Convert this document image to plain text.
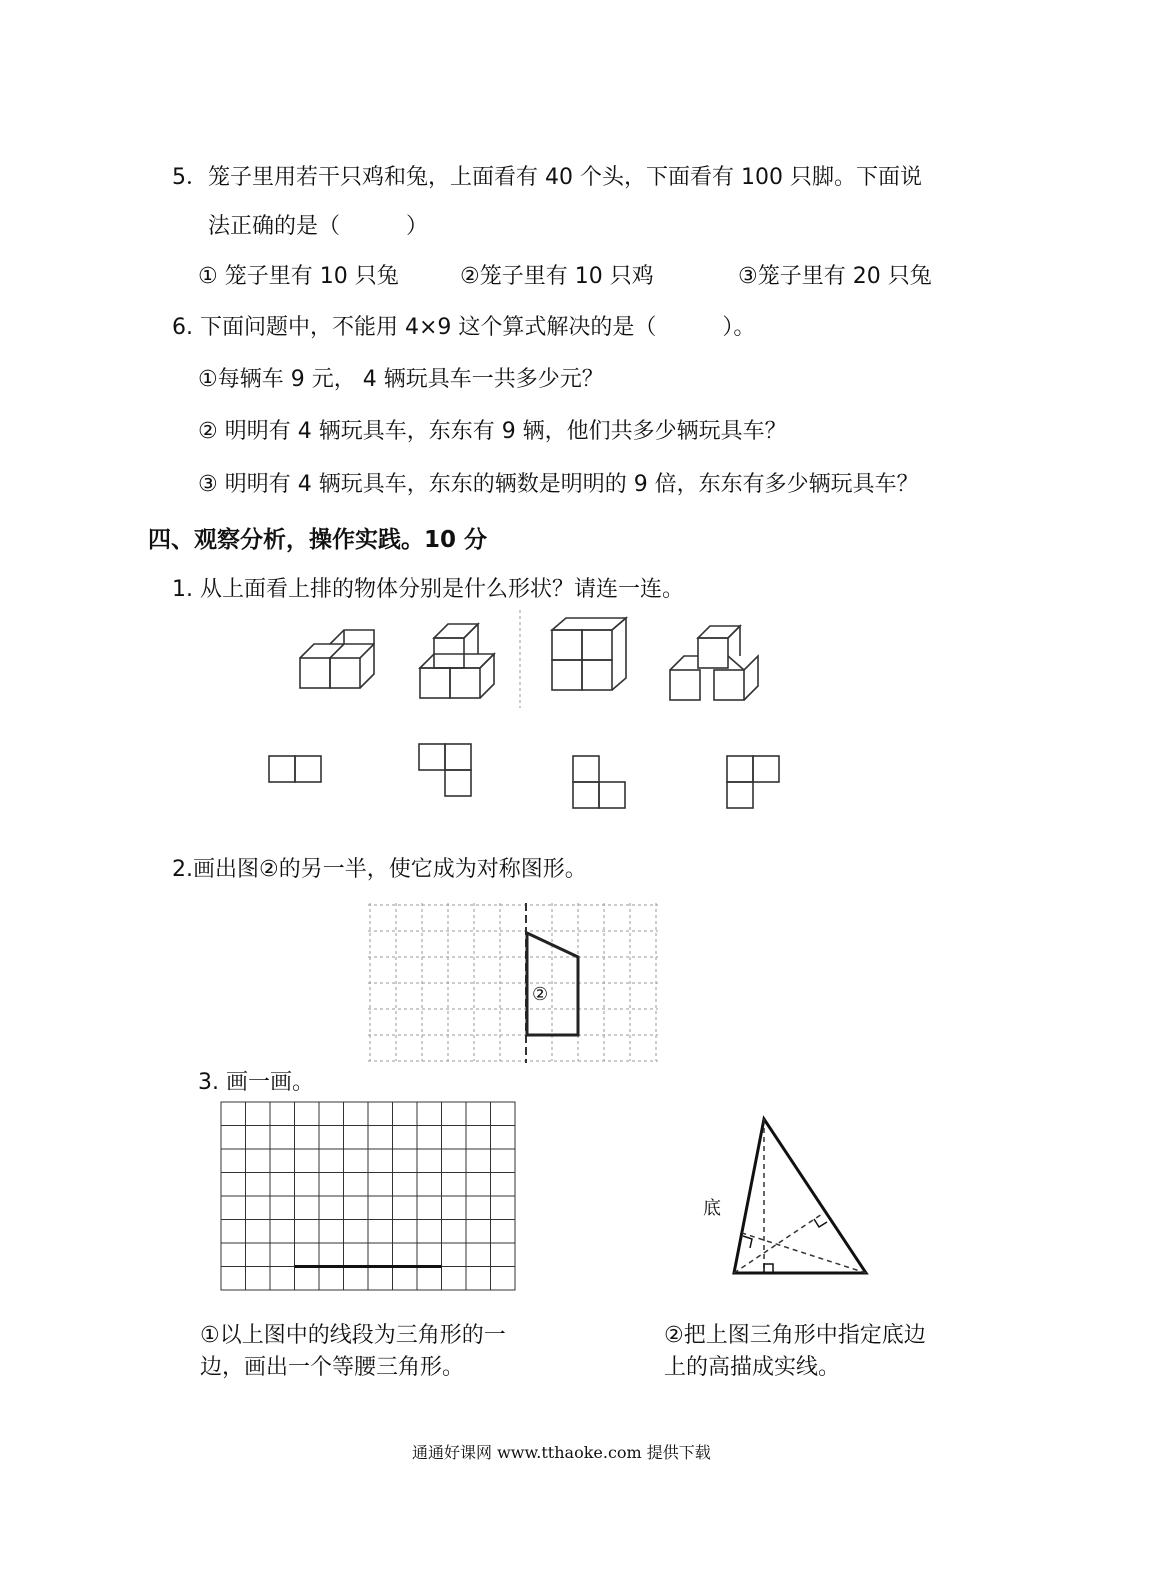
5．笼子里用若干只鸡和兔，上面看有 40 个头，下面看有 100 只脚。下面说
法正确的是（　　　）
① 笼子里有 10 只兔	②笼子里有 10 只鸡	③笼子里有 20 只兔
6. 下面问题中，不能用 4×9 这个算式解决的是（　　　）。
①每辆车 9 元， 4 辆玩具车一共多少元？
② 明明有 4 辆玩具车，东东有 9 辆，他们共多少辆玩具车？
③ 明明有 4 辆玩具车，东东的辆数是明明的 9 倍，东东有多少辆玩具车？
四、观察分析，操作实践。10 分
1. 从上面看上排的物体分别是什么形状？请连一连。
2.画出图②的另一半，使它成为对称图形。
②
3. 画一画。
底
①以上图中的线段为三角形的一
边，画出一个等腰三角形。
②把上图三角形中指定底边
上的高描成实线。
通通好课网 www.tthaoke.com 提供下载
